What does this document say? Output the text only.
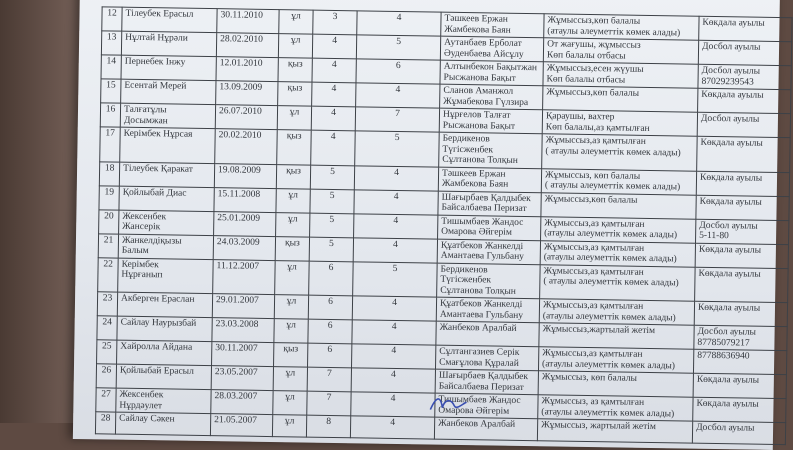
12	Тілеубек Ерасыл	30.11.2010	ұл	3	4	Тәшкеев Ержан
Жамбекова Баян	Жұмыссыз,көп балалы
(атаулы әлеуметтік көмек алады)	Көкдала ауылы
13	Нұлтай Нұрәли	28.02.2010	ұл	4	5	Аутанбаев Ерболат
Әуденбаева Айсұлу	От жағушы, жұмыссыз
Көп балалы отбасы	Досбол ауылы
14	Пернебек Інжу	12.01.2010	қыз	4	6	Алтынбекон Бақытжан
Рысжанова Бақыт	Жұмыссыз,есен жүушы
Көп балалы отбасы	Досбол ауылы
87029239543
15	Есентай Мерей	13.09.2009	қыз	4	4	Сланов Аманжол
Жұмабекова Гүлзира	Жұмыссыз,көп балалы	Көкдала ауылы
16	Талғатұлы
Досымжан	26.07.2010	ұл	4	7	Нұрғелов Талғат
Рысжанова Бақыт	Қараушы, вахтер
Көп балалы,аз қамтылған	Досбол ауылы
17	Керімбек Нұрсая	20.02.2010	қыз	4	5	Бердикенов Түгісженбек
Сұлтанова Толқын	Жұмыссыз,аз қамтылған
( атаулы әлеуметтік көмек алады)	Көкдала ауылы
18	Тілеубек Қаракат	19.08.2009	қыз	5	4	Тәшкеев Ержан
Жамбекова Баян	Жұмыссыз, көп балалы
( атаулы әлеуметтік көмек алады)	Көкдала ауылы
19	Қойлыбай Диас	15.11.2008	ұл	5	4	Шағырбаев Қалдыбек
Байсалбаева Перизат	Жұмыссыз,көп балалы	Көкдала ауылы
20	Жексенбек
Жансерік	25.01.2009	ұл	5	4	Тишымбаев Жандос
Омарова Әйгерім	Жұмыссыз,аз қамтылған
(атаулы әлеуметтік көмек алады)	Досбол ауылы
5-11-80
21	Жанкелдіқызы
Балым	24.03.2009	қыз	5	4	Құатбеков Жанкелді
Амантаева Гульбану	Жұмыссыз,аз қамтылған
(атаулы әлеуметтік көмек алады)	Көкдала ауылы
22	Керімбек
Нұрғанып	11.12.2007	ұл	6	5	Бердикенов Түгісженбек
Сұлтанова Толқын	Жұмыссыз,аз қамтылған
( атаулы әлеуметтік көмек алады)	Көкдала ауылы
23	Акберген Ераслан	29.01.2007	ұл	6	4	Құатбеков Жанкелді
Амантаева Гульбану	Жұмыссыз,аз қамтылған
(атаулы әлеуметтік көмек алады)	Көкдала ауылы
24	Сайлау Наурызбай	23.03.2008	ұл	6	4	Жанбеков Аралбай	Жұмыссыз,жартылай жетім	Досбол ауылы
87785079217
25	Хайролла Айдана	30.11.2007	қыз	6	4	Сұлтангазиев Серік
Смағұлова Құралай	Жұмыссыз,аз қамтылған
(атаулы әлеуметтік көмек алады)	87788636940
26	Қойлыбай Ерасыл	23.05.2007	ұл	7	4	Шағырбаев Қалдыбек
Байсалбаева Перизат	Жұмыссыз, көп балалы	Көкдала ауылы
27	Жексенбек
Нұрдәулет	28.03.2007	ұл	7	4	Тишымбаев Жандос
Омарова Әйгерім	Жұмыссыз, аз қамтылған
(атаулы әлеуметтік көмек алады)	Көкдала ауылы
28	Сайлау Сәкен	21.05.2007	ұл	8	4	Жанбеков Аралбай	Жұмыссыз, жартылай жетім	Досбол ауылы
